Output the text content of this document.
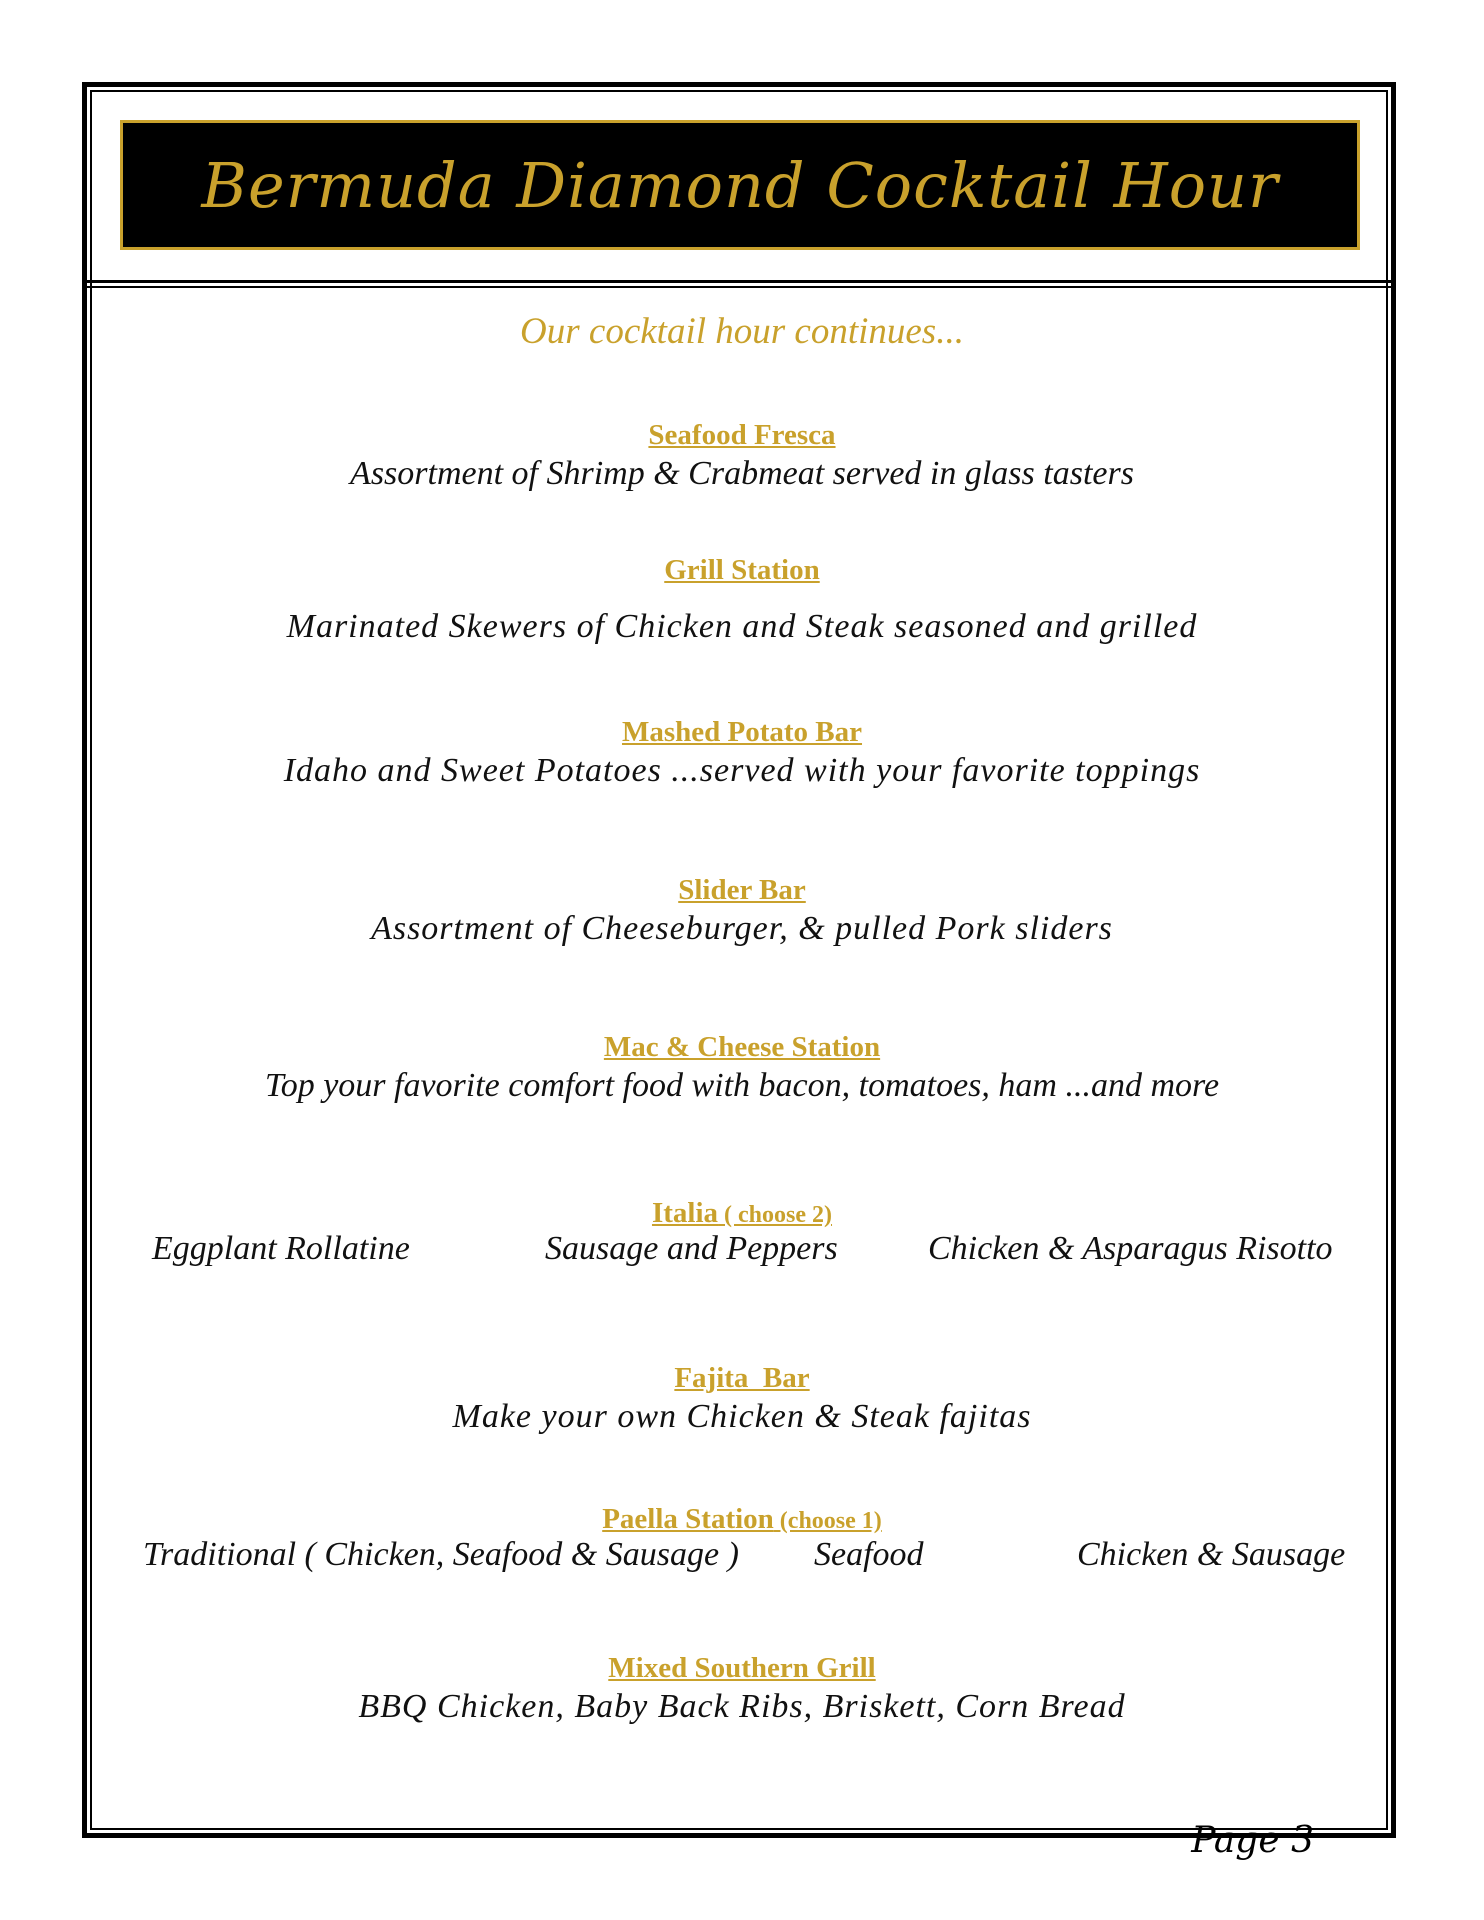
Bermuda Diamond Cocktail Hour
Our cocktail hour continues...
Seafood Fresca
Assortment of Shrimp & Crabmeat served in glass tasters
Grill Station
Marinated Skewers of Chicken and Steak seasoned and grilled
Mashed Potato Bar
Idaho and Sweet Potatoes ...served with your favorite toppings
Slider Bar
Assortment of Cheeseburger, & pulled Pork sliders
Mac & Cheese Station
Top your favorite comfort food with bacon, tomatoes, ham ...and more
Italia ( choose 2)
Eggplant Rollatine	Sausage and Peppers	Chicken & Asparagus Risotto
Fajita  Bar
Make your own Chicken & Steak fajitas
Paella Station (choose 1)
Traditional ( Chicken, Seafood & Sausage ) Seafood	Chicken & Sausage
Mixed Southern Grill
BBQ Chicken, Baby Back Ribs, Briskett, Corn Bread
Page 3
